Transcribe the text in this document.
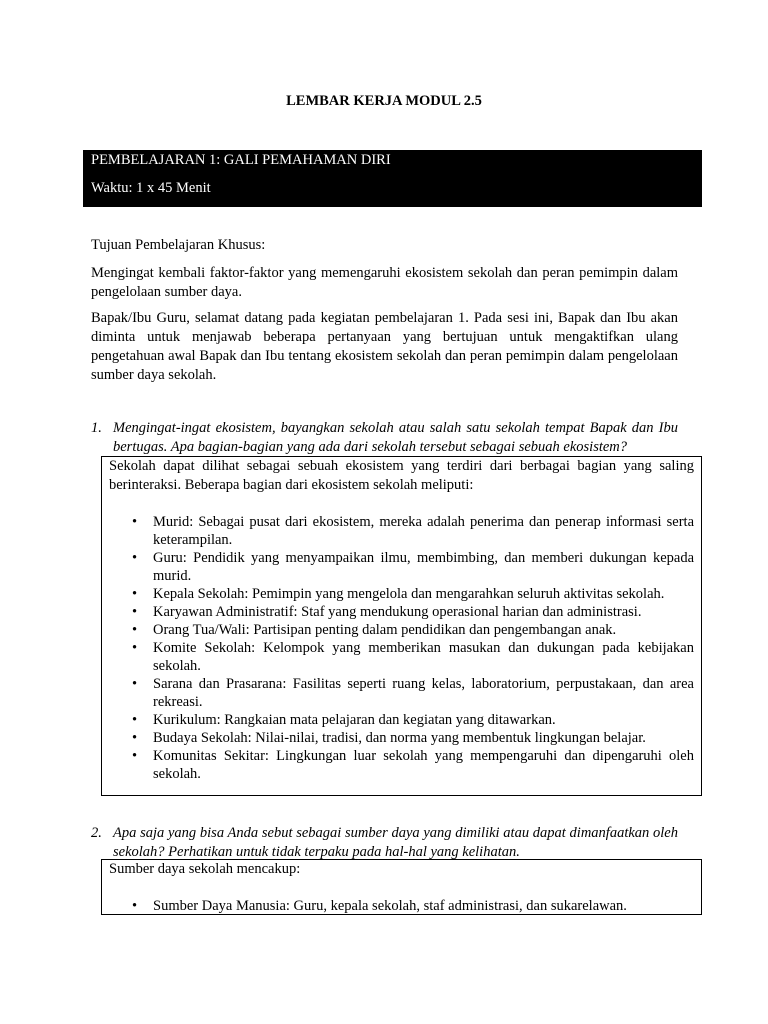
LEMBAR KERJA MODUL 2.5
PEMBELAJARAN 1: GALI PEMAHAMAN DIRI
Waktu: 1 x 45 Menit

Tujuan Pembelajaran Khusus:

Mengingat kembali faktor-faktor yang memengaruhi ekosistem sekolah dan peran pemimpin dalam pengelolaan sumber daya.

Bapak/Ibu Guru, selamat datang pada kegiatan pembelajaran 1. Pada sesi ini, Bapak dan Ibu akan diminta untuk menjawab beberapa pertanyaan yang bertujuan untuk mengaktifkan ulang pengetahuan awal Bapak dan Ibu tentang ekosistem sekolah dan peran pemimpin dalam pengelolaan sumber daya sekolah.

1. Mengingat-ingat ekosistem, bayangkan sekolah atau salah satu sekolah tempat Bapak dan Ibu bertugas. Apa bagian-bagian yang ada dari sekolah tersebut sebagai sebuah ekosistem?

Sekolah dapat dilihat sebagai sebuah ekosistem yang terdiri dari berbagai bagian yang saling berinteraksi. Beberapa bagian dari ekosistem sekolah meliputi:

• Murid: Sebagai pusat dari ekosistem, mereka adalah penerima dan penerap informasi serta keterampilan.
• Guru: Pendidik yang menyampaikan ilmu, membimbing, dan memberi dukungan kepada murid.
• Kepala Sekolah: Pemimpin yang mengelola dan mengarahkan seluruh aktivitas sekolah.
• Karyawan Administratif: Staf yang mendukung operasional harian dan administrasi.
• Orang Tua/Wali: Partisipan penting dalam pendidikan dan pengembangan anak.
• Komite Sekolah: Kelompok yang memberikan masukan dan dukungan pada kebijakan sekolah.
• Sarana dan Prasarana: Fasilitas seperti ruang kelas, laboratorium, perpustakaan, dan area rekreasi.
• Kurikulum: Rangkaian mata pelajaran dan kegiatan yang ditawarkan.
• Budaya Sekolah: Nilai-nilai, tradisi, dan norma yang membentuk lingkungan belajar.
• Komunitas Sekitar: Lingkungan luar sekolah yang mempengaruhi dan dipengaruhi oleh sekolah.
2. Apa saja yang bisa Anda sebut sebagai sumber daya yang dimiliki atau dapat dimanfaatkan oleh sekolah? Perhatikan untuk tidak terpaku pada hal-hal yang kelihatan.

Sumber daya sekolah mencakup:

• Sumber Daya Manusia: Guru, kepala sekolah, staf administrasi, dan sukarelawan.
